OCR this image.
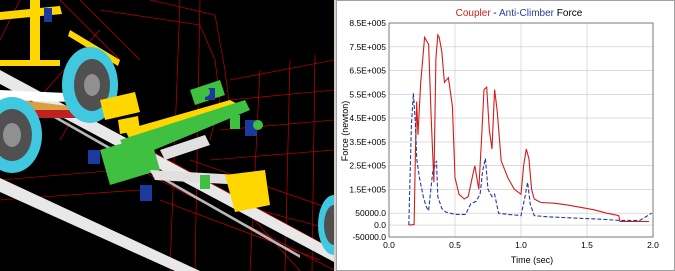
Coupler - Anti-Climber Force
8.5E+005
7.5E+005
6.5E+005
5.5E+005
4.5E+005
3.5E+005
2.5E+005
1.5E+005
50000.0
0.0
-50000.0
0.0	0.5	1.0	1.5	2.0
Time (sec)
Force (newton)
